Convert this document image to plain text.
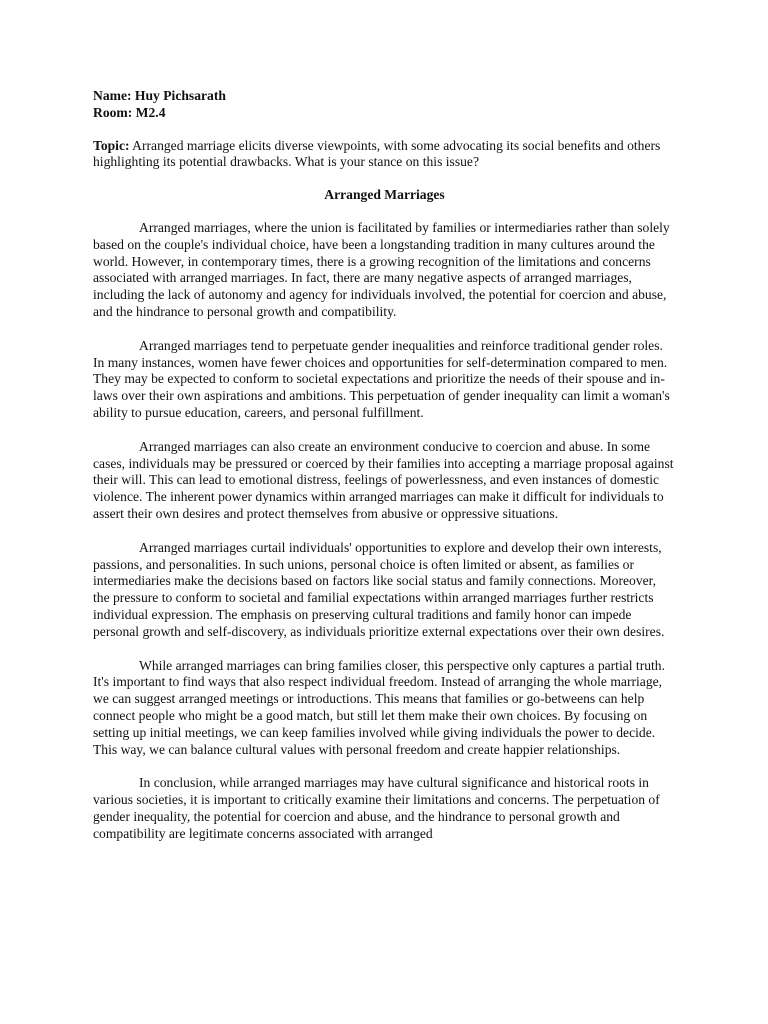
Name: Huy Pichsarath

Room: M2.4

Topic: Arranged marriage elicits diverse viewpoints, with some advocating its social benefits and others highlighting its potential drawbacks. What is your stance on this issue?

Arranged Marriages

Arranged marriages, where the union is facilitated by families or intermediaries rather than solely based on the couple's individual choice, have been a longstanding tradition in many cultures around the world. However, in contemporary times, there is a growing recognition of the limitations and concerns associated with arranged marriages. In fact, there are many negative aspects of arranged marriages, including the lack of autonomy and agency for individuals involved, the potential for coercion and abuse, and the hindrance to personal growth and compatibility.

Arranged marriages tend to perpetuate gender inequalities and reinforce traditional gender roles. In many instances, women have fewer choices and opportunities for self-determination compared to men. They may be expected to conform to societal expectations and prioritize the needs of their spouse and in-laws over their own aspirations and ambitions. This perpetuation of gender inequality can limit a woman's ability to pursue education, careers, and personal fulfillment.

Arranged marriages can also create an environment conducive to coercion and abuse. In some cases, individuals may be pressured or coerced by their families into accepting a marriage proposal against their will. This can lead to emotional distress, feelings of powerlessness, and even instances of domestic violence. The inherent power dynamics within arranged marriages can make it difficult for individuals to assert their own desires and protect themselves from abusive or oppressive situations.

Arranged marriages curtail individuals' opportunities to explore and develop their own interests, passions, and personalities. In such unions, personal choice is often limited or absent, as families or intermediaries make the decisions based on factors like social status and family connections. Moreover, the pressure to conform to societal and familial expectations within arranged marriages further restricts individual expression. The emphasis on preserving cultural traditions and family honor can impede personal growth and self-discovery, as individuals prioritize external expectations over their own desires.

While arranged marriages can bring families closer, this perspective only captures a partial truth. It's important to find ways that also respect individual freedom. Instead of arranging the whole marriage, we can suggest arranged meetings or introductions. This means that families or go-betweens can help connect people who might be a good match, but still let them make their own choices. By focusing on setting up initial meetings, we can keep families involved while giving individuals the power to decide. This way, we can balance cultural values with personal freedom and create happier relationships.

In conclusion, while arranged marriages may have cultural significance and historical roots in various societies, it is important to critically examine their limitations and concerns. The perpetuation of gender inequality, the potential for coercion and abuse, and the hindrance to personal growth and compatibility are legitimate concerns associated with arranged
